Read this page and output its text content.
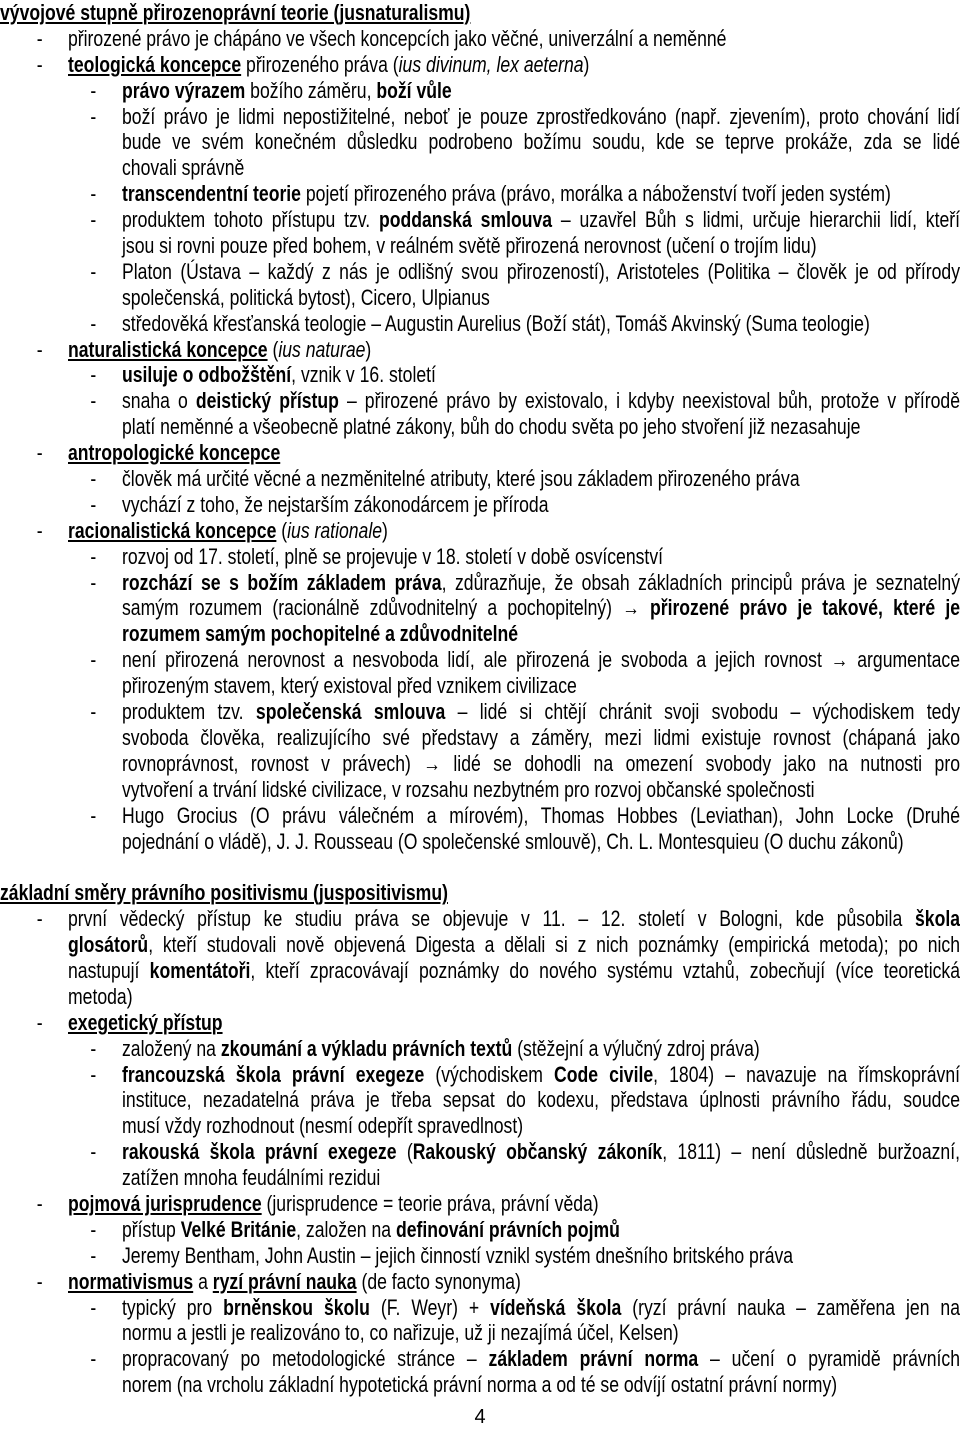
vývojové stupně přirozenoprávní teorie (jusnaturalismu)
- přirozené právo je chápáno ve všech koncepcích jako věčné, univerzální a neměnné
- teologická koncepce přirozeného práva (ius divinum, lex aeterna)
- právo výrazem božího záměru, boží vůle
- boží právo je lidmi nepostižitelné, neboť je pouze zprostředkováno (např. zjevením), proto chování lidí
bude ve svém konečném důsledku podrobeno božímu soudu, kde se teprve prokáže, zda se lidé
chovali správně
- transcendentní teorie pojetí přirozeného práva (právo, morálka a náboženství tvoří jeden systém)
- produktem tohoto přístupu tzv. poddanská smlouva – uzavřel Bůh s lidmi, určuje hierarchii lidí, kteří
jsou si rovni pouze před bohem, v reálném světě přirozená nerovnost (učení o trojím lidu)
- Platon (Ústava – každý z nás je odlišný svou přirozeností), Aristoteles (Politika – člověk je od přírody
společenská, politická bytost), Cicero, Ulpianus
- středověká křesťanská teologie – Augustin Aurelius (Boží stát), Tomáš Akvinský (Suma teologie)
- naturalistická koncepce (ius naturae)
- usiluje o odbožštění, vznik v 16. století
- snaha o deistický přístup – přirozené právo by existovalo, i kdyby neexistoval bůh, protože v přírodě
platí neměnné a všeobecně platné zákony, bůh do chodu světa po jeho stvoření již nezasahuje
- antropologické koncepce
- člověk má určité věcné a nezměnitelné atributy, které jsou základem přirozeného práva
- vychází z toho, že nejstarším zákonodárcem je příroda
- racionalistická koncepce (ius rationale)
- rozvoj od 17. století, plně se projevuje v 18. století v době osvícenství
- rozchází se s božím základem práva, zdůrazňuje, že obsah základních principů práva je seznatelný
samým rozumem (racionálně zdůvodnitelný a pochopitelný) → přirozené právo je takové, které je
rozumem samým pochopitelné a zdůvodnitelné
- není přirozená nerovnost a nesvoboda lidí, ale přirozená je svoboda a jejich rovnost → argumentace
přirozeným stavem, který existoval před vznikem civilizace
- produktem tzv. společenská smlouva – lidé si chtějí chránit svoji svobodu – východiskem tedy
svoboda člověka, realizujícího své představy a záměry, mezi lidmi existuje rovnost (chápaná jako
rovnoprávnost, rovnost v právech) → lidé se dohodli na omezení svobody jako na nutnosti pro
vytvoření a trvání lidské civilizace, v rozsahu nezbytném pro rozvoj občanské společnosti
- Hugo Grocius (O právu válečném a mírovém), Thomas Hobbes (Leviathan), John Locke (Druhé
pojednání o vládě), J. J. Rousseau (O společenské smlouvě), Ch. L. Montesquieu (O duchu zákonů)
základní směry právního positivismu (juspositivismu)
- první vědecký přístup ke studiu práva se objevuje v 11. – 12. století v Bologni, kde působila škola
glosátorů, kteří studovali nově objevená Digesta a dělali si z nich poznámky (empirická metoda); po nich
nastupují komentátoři, kteří zpracovávají poznámky do nového systému vztahů, zobecňují (více teoretická
metoda)
- exegetický přístup
- založený na zkoumání a výkladu právních textů (stěžejní a výlučný zdroj práva)
- francouzská škola právní exegeze (východiskem Code civile, 1804) – navazuje na římskoprávní
instituce, nezadatelná práva je třeba sepsat do kodexu, představa úplnosti právního řádu, soudce
musí vždy rozhodnout (nesmí odepřít spravedlnost)
- rakouská škola právní exegeze (Rakouský občanský zákoník, 1811) – není důsledně buržoazní,
zatížen mnoha feudálními rezidui
- pojmová jurisprudence (jurisprudence = teorie práva, právní věda)
- přístup Velké Británie, založen na definování právních pojmů
- Jeremy Bentham, John Austin – jejich činností vznikl systém dnešního britského práva
- normativismus a ryzí právní nauka (de facto synonyma)
- typický pro brněnskou školu (F. Weyr) + vídeňská škola (ryzí právní nauka – zaměřena jen na
normu a jestli je realizováno to, co nařizuje, už ji nezajímá účel, Kelsen)
- propracovaný po metodologické stránce – základem právní norma – učení o pyramidě právních
norem (na vrcholu základní hypotetická právní norma a od té se odvíjí ostatní právní normy)
4
